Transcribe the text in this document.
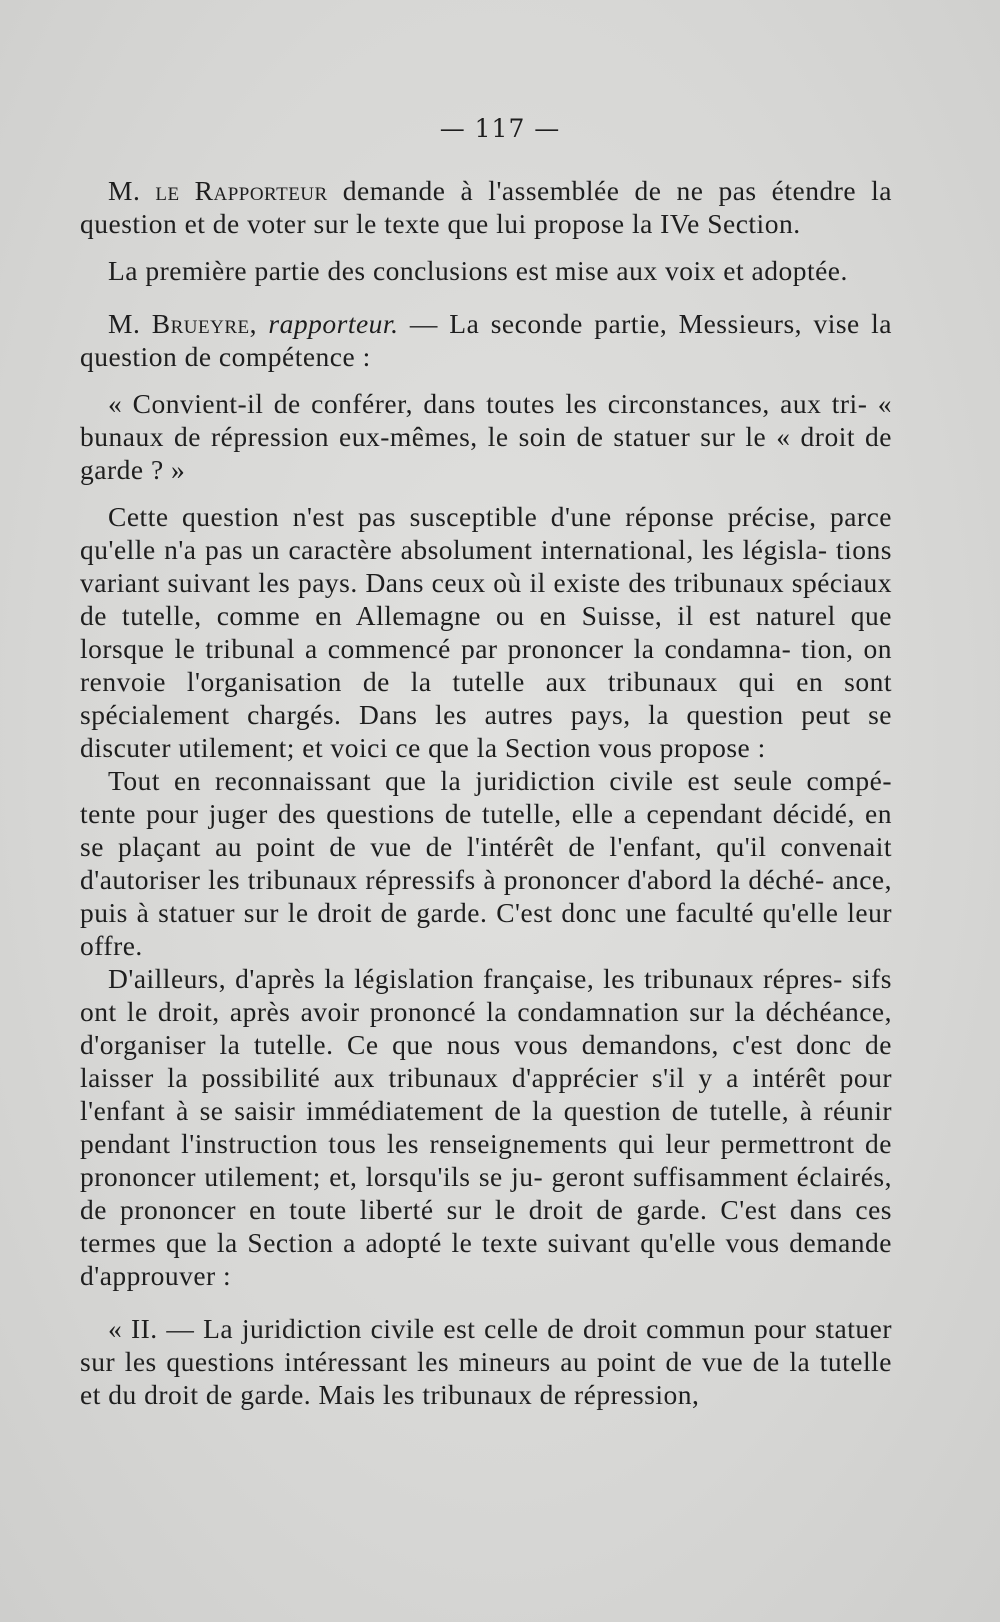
— 117 —

M. le Rapporteur demande à l'assemblée de ne pas étendre la question et de voter sur le texte que lui propose la IVe Section.

La première partie des conclusions est mise aux voix et adoptée.

M. Brueyre, rapporteur. — La seconde partie, Messieurs, vise la question de compétence :

« Convient-il de conférer, dans toutes les circonstances, aux tri- « bunaux de répression eux-mêmes, le soin de statuer sur le « droit de garde ? »

Cette question n'est pas susceptible d'une réponse précise, parce qu'elle n'a pas un caractère absolument international, les législa- tions variant suivant les pays. Dans ceux où il existe des tribunaux spéciaux de tutelle, comme en Allemagne ou en Suisse, il est naturel que lorsque le tribunal a commencé par prononcer la condamna- tion, on renvoie l'organisation de la tutelle aux tribunaux qui en sont spécialement chargés. Dans les autres pays, la question peut se discuter utilement; et voici ce que la Section vous propose :

Tout en reconnaissant que la juridiction civile est seule compé- tente pour juger des questions de tutelle, elle a cependant décidé, en se plaçant au point de vue de l'intérêt de l'enfant, qu'il convenait d'autoriser les tribunaux répressifs à prononcer d'abord la déché- ance, puis à statuer sur le droit de garde. C'est donc une faculté qu'elle leur offre.

D'ailleurs, d'après la législation française, les tribunaux répres- sifs ont le droit, après avoir prononcé la condamnation sur la déchéance, d'organiser la tutelle. Ce que nous vous demandons, c'est donc de laisser la possibilité aux tribunaux d'apprécier s'il y a intérêt pour l'enfant à se saisir immédiatement de la question de tutelle, à réunir pendant l'instruction tous les renseignements qui leur permettront de prononcer utilement; et, lorsqu'ils se ju- geront suffisamment éclairés, de prononcer en toute liberté sur le droit de garde. C'est dans ces termes que la Section a adopté le texte suivant qu'elle vous demande d'approuver :

« II. — La juridiction civile est celle de droit commun pour statuer sur les questions intéressant les mineurs au point de vue de la tutelle et du droit de garde. Mais les tribunaux de répression,
